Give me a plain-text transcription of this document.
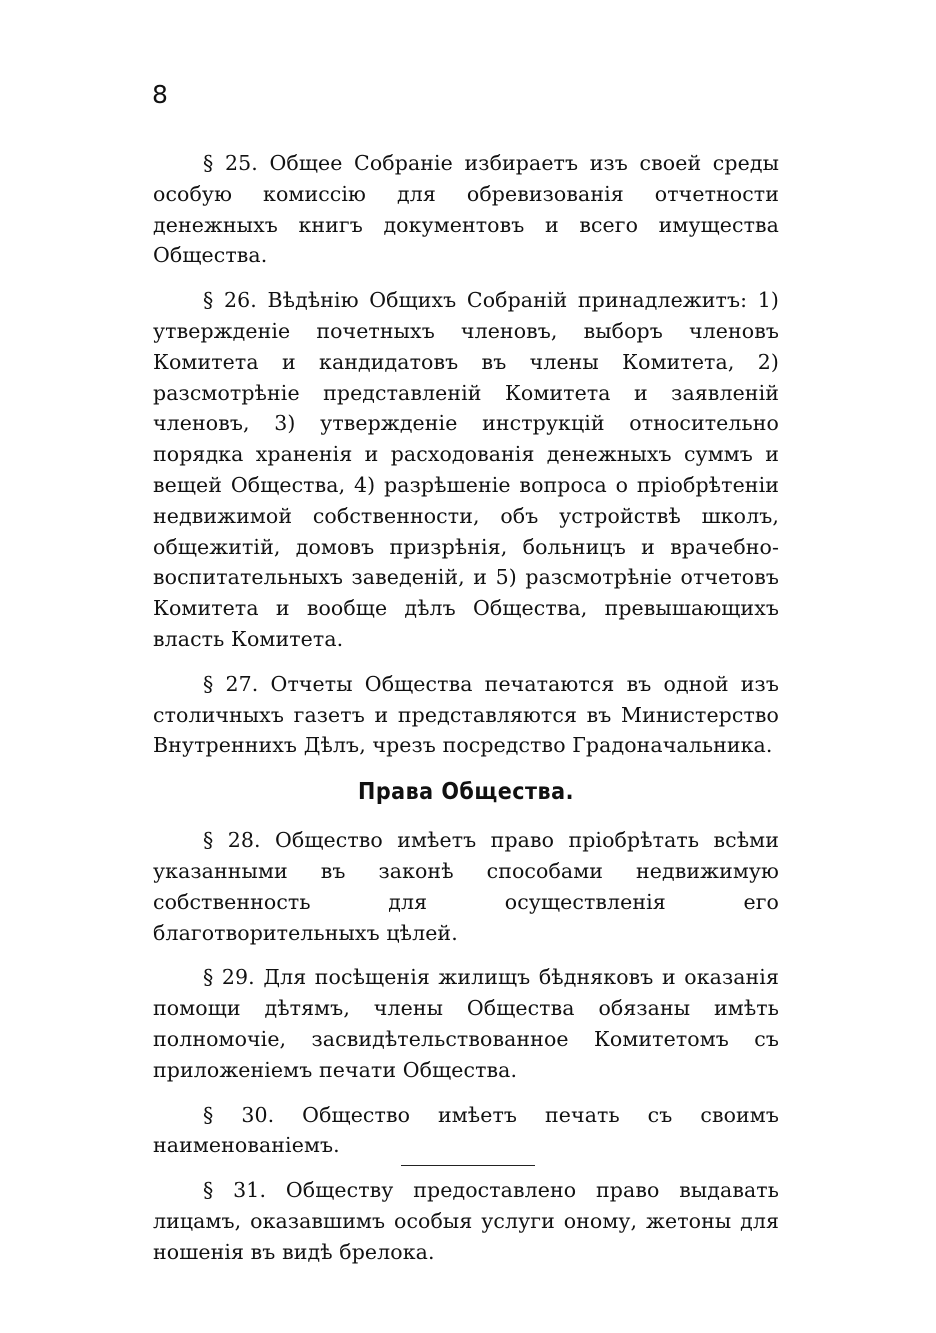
8

§ 25. Общее Собраніе избираетъ изъ своей среды особую комиссію для обревизованія отчетности денежныхъ книгъ документовъ и всего имущества Общества.

§ 26. Вѣдѣнію Общихъ Собраній принадлежитъ: 1) утвержденіе почетныхъ членовъ, выборъ членовъ Комитета и кандидатовъ въ члены Комитета, 2) разсмотрѣніе представленій Комитета и заявленій членовъ, 3) утвержденіе инструкцій относительно порядка храненія и расходованія денежныхъ суммъ и вещей Общества, 4) разрѣшеніе вопроса о пріобрѣтеніи недвижимой собственности, объ устройствѣ школъ, общежитій, домовъ призрѣнія, больницъ и врачебно-воспитательныхъ заведеній, и 5) разсмотрѣніе отчетовъ Комитета и вообще дѣлъ Общества, превышающихъ власть Комитета.

§ 27. Отчеты Общества печатаются въ одной изъ столичныхъ газетъ и представляются въ Министерство Внутреннихъ Дѣлъ, чрезъ посредство Градоначальника.

Права Общества.

§ 28. Общество имѣетъ право пріобрѣтать всѣми указанными въ законѣ способами недвижимую собственность для осуществленія его благотворительныхъ цѣлей.

§ 29. Для посѣщенія жилищъ бѣдняковъ и оказанія помощи дѣтямъ, члены Общества обязаны имѣть полномочіе, засвидѣтельствованное Комитетомъ съ приложеніемъ печати Общества.

§ 30. Общество имѣетъ печать съ своимъ наименованіемъ.

§ 31. Обществу предоставлено право выдавать лицамъ, оказавшимъ особыя услуги оному, жетоны для ношенія въ видѣ брелока.
